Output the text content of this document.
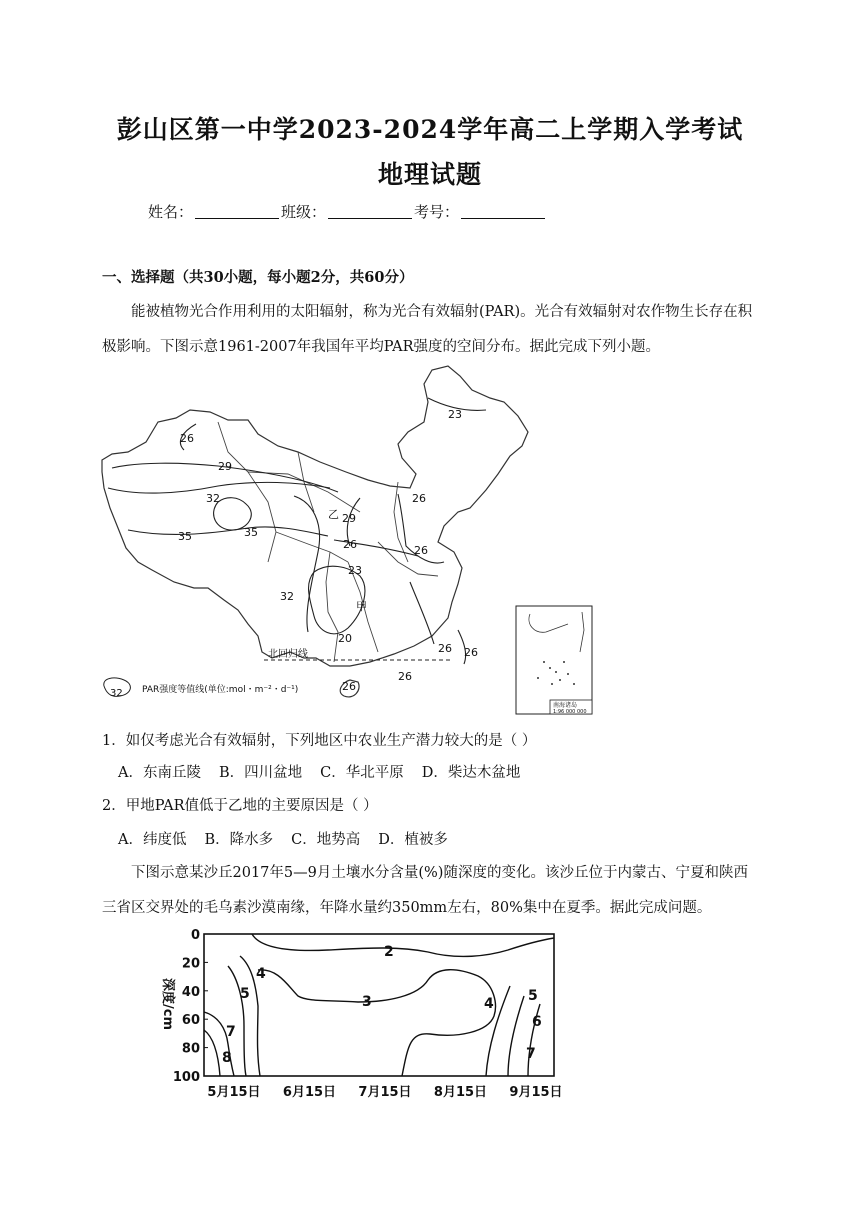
彭山区第一中学2023-2024学年高二上学期入学考试
地理试题
姓名：	班级：	考号：
一、选择题（共30小题，每小题2分，共60分）
能被植物光合作用利用的太阳辐射，称为光合有效辐射(PAR)。光合有效辐射对农作物生长存在积极影响。下图示意1961-2007年我国年平均PAR强度的空间分布。据此完成下列小题。
23
26
29
32
35
35
32
29
26
26
26
23
20
26 26
26
26
乙
甲
北回归线
32 PAR强度等值线(单位:mol・m⁻²・d⁻¹)
南海诸岛
1:96 000 000
1．如仅考虑光合有效辐射，下列地区中农业生产潜力较大的是（ ）
A．东南丘陵 B．四川盆地 C．华北平原 D．柴达木盆地
2．甲地PAR值低于乙地的主要原因是（ ）
A．纬度低 B．降水多 C．地势高 D．植被多
下图示意某沙丘2017年5—9月土壤水分含量(%)随深度的变化。该沙丘位于内蒙古、宁夏和陕西三省区交界处的毛乌素沙漠南缘，年降水量约350mm左右，80%集中在夏季。据此完成问题。
深度/cm
0
20
40
60
80
100
5月15日 6月15日 7月15日 8月15日 9月15日
2
3
4
4
5	5
6
7
7
8
